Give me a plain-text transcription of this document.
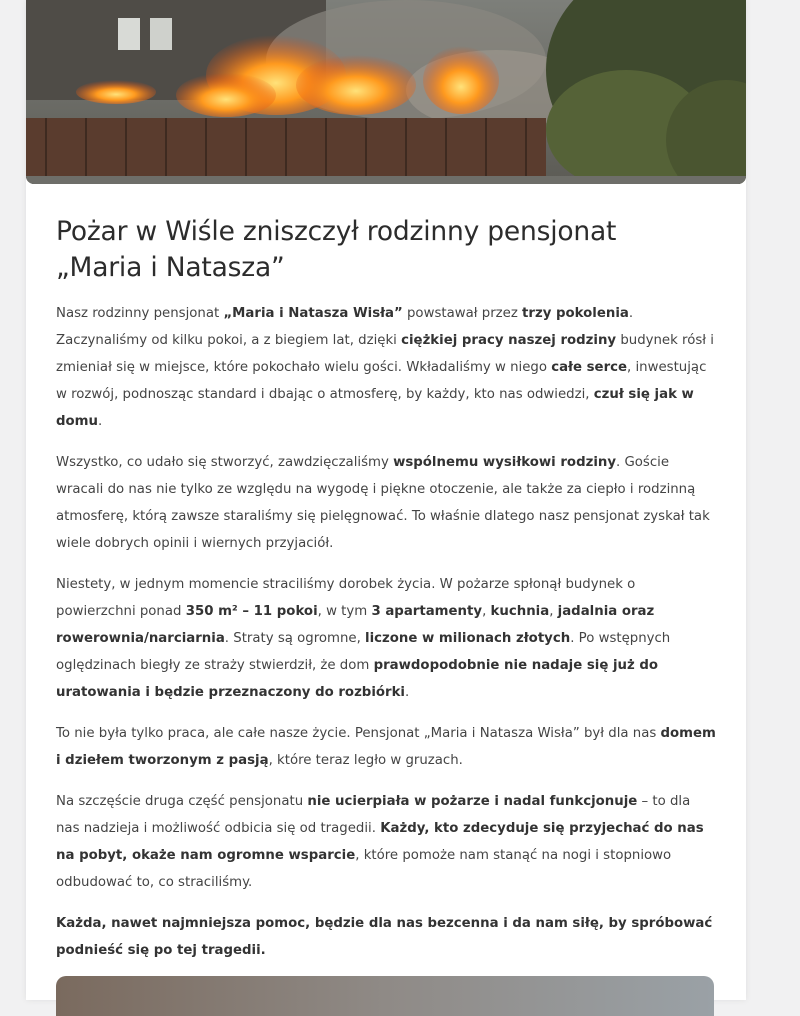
Pożar w Wiśle zniszczył rodzinny pensjonat
„Maria i Natasza”

Nasz rodzinny pensjonat „Maria i Natasza Wisła” powstawał przez trzy pokolenia. Zaczynaliśmy od kilku pokoi, a z biegiem lat, dzięki ciężkiej pracy naszej rodziny budynek rósł i zmieniał się w miejsce, które pokochało wielu gości. Wkładaliśmy w niego całe serce, inwestując w rozwój, podnosząc standard i dbając o atmosferę, by każdy, kto nas odwiedzi, czuł się jak w domu.

Wszystko, co udało się stworzyć, zawdzięczaliśmy wspólnemu wysiłkowi rodziny. Goście wracali do nas nie tylko ze względu na wygodę i piękne otoczenie, ale także za ciepło i rodzinną atmosferę, którą zawsze staraliśmy się pielęgnować. To właśnie dlatego nasz pensjonat zyskał tak wiele dobrych opinii i wiernych przyjaciół.

Niestety, w jednym momencie straciliśmy dorobek życia. W pożarze spłonął budynek o powierzchni ponad 350 m² – 11 pokoi, w tym 3 apartamenty, kuchnia, jadalnia oraz rowerownia/narciarnia. Straty są ogromne, liczone w milionach złotych. Po wstępnych oględzinach biegły ze straży stwierdził, że dom prawdopodobnie nie nadaje się już do uratowania i będzie przeznaczony do rozbiórki.

To nie była tylko praca, ale całe nasze życie. Pensjonat „Maria i Natasza Wisła” był dla nas domem i dziełem tworzonym z pasją, które teraz legło w gruzach.

Na szczęście druga część pensjonatu nie ucierpiała w pożarze i nadal funkcjonuje – to dla nas nadzieja i możliwość odbicia się od tragedii. Każdy, kto zdecyduje się przyjechać do nas na pobyt, okaże nam ogromne wsparcie, które pomoże nam stanąć na nogi i stopniowo odbudować to, co straciliśmy.

Każda, nawet najmniejsza pomoc, będzie dla nas bezcenna i da nam siłę, by spróbować podnieść się po tej tragedii.
